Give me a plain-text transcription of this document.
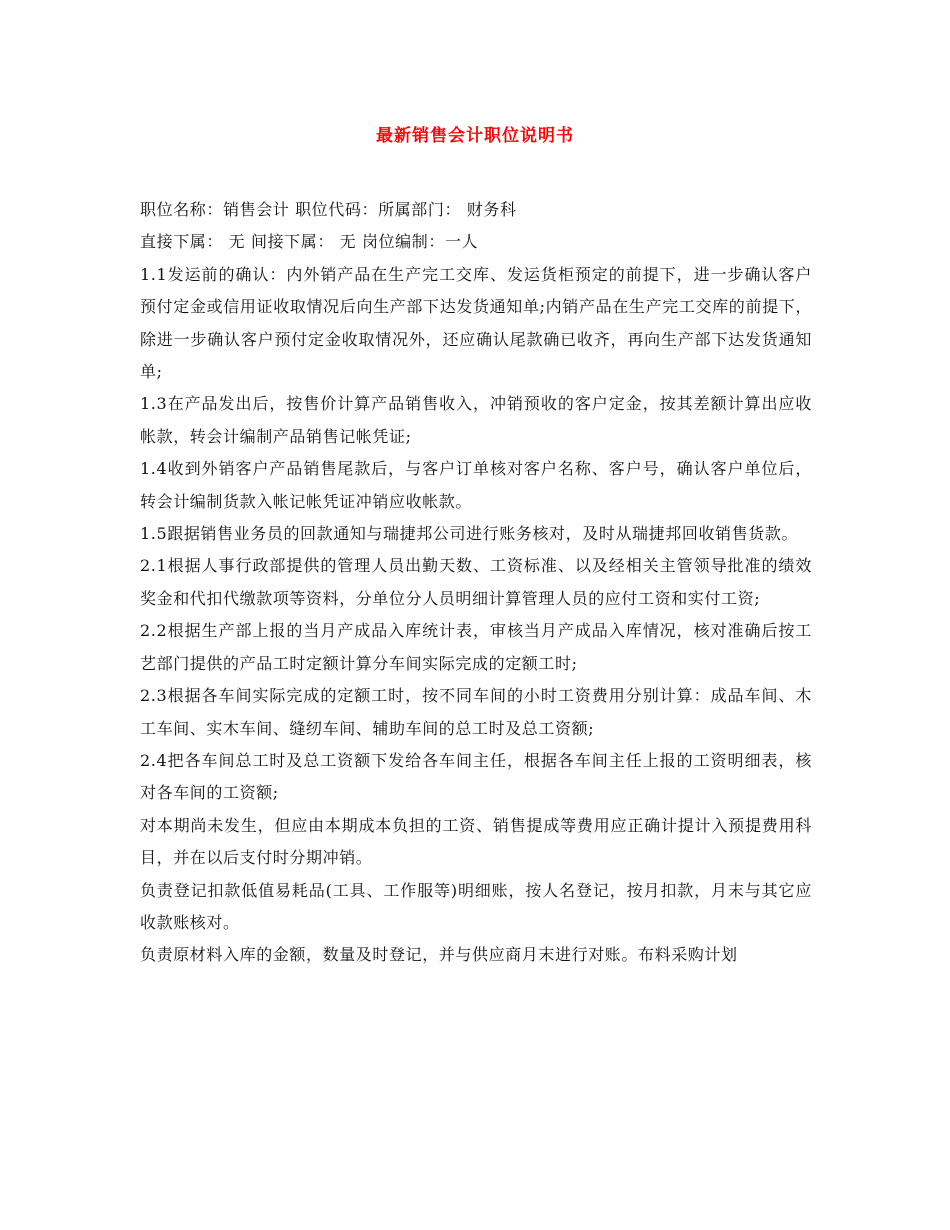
最新销售会计职位说明书

职位名称：销售会计 职位代码：所属部门： 财务科

直接下属： 无 间接下属： 无 岗位编制：一人

1.1发运前的确认：内外销产品在生产完工交库、发运货柜预定的前提下，进一步确认客户预付定金或信用证收取情况后向生产部下达发货通知单;内销产品在生产完工交库的前提下，除进一步确认客户预付定金收取情况外，还应确认尾款确已收齐，再向生产部下达发货通知单;

1.3在产品发出后，按售价计算产品销售收入，冲销预收的客户定金，按其差额计算出应收帐款，转会计编制产品销售记帐凭证;

1.4收到外销客户产品销售尾款后，与客户订单核对客户名称、客户号，确认客户单位后，转会计编制货款入帐记帐凭证冲销应收帐款。

1.5跟据销售业务员的回款通知与瑞捷邦公司进行账务核对，及时从瑞捷邦回收销售货款。

2.1根据人事行政部提供的管理人员出勤天数、工资标准、以及经相关主管领导批准的绩效奖金和代扣代缴款项等资料，分单位分人员明细计算管理人员的应付工资和实付工资;

2.2根据生产部上报的当月产成品入库统计表，审核当月产成品入库情况，核对准确后按工艺部门提供的产品工时定额计算分车间实际完成的定额工时;

2.3根据各车间实际完成的定额工时，按不同车间的小时工资费用分别计算：成品车间、木工车间、实木车间、缝纫车间、辅助车间的总工时及总工资额;

2.4把各车间总工时及总工资额下发给各车间主任，根据各车间主任上报的工资明细表，核对各车间的工资额;

对本期尚未发生，但应由本期成本负担的工资、销售提成等费用应正确计提计入预提费用科目，并在以后支付时分期冲销。

负责登记扣款低值易耗品(工具、工作服等)明细账，按人名登记，按月扣款，月末与其它应收款账核对。

负责原材料入库的金额，数量及时登记，并与供应商月末进行对账。布料采购计划
